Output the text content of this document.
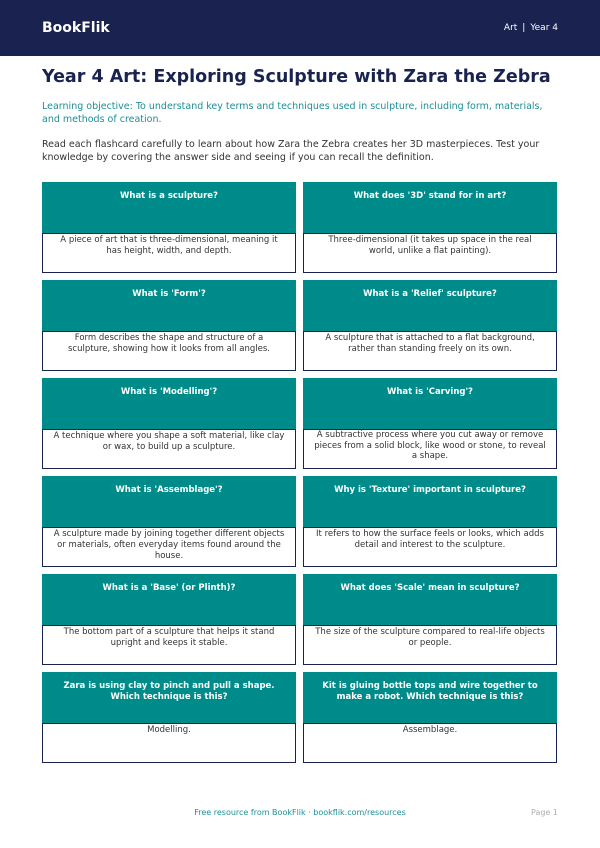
BookFlik	Art | Year 4
Year 4 Art: Exploring Sculpture with Zara the Zebra

Learning objective: To understand key terms and techniques used in sculpture, including form, materials, and methods of creation.

Read each flashcard carefully to learn about how Zara the Zebra creates her 3D masterpieces. Test your knowledge by covering the answer side and seeing if you can recall the definition.

What is a sculpture?
A piece of art that is three-dimensional, meaning it has height, width, and depth.
What does '3D' stand for in art?
Three-dimensional (it takes up space in the real world, unlike a flat painting).
What is 'Form'?
Form describes the shape and structure of a sculpture, showing how it looks from all angles.
What is a 'Relief' sculpture?
A sculpture that is attached to a flat background, rather than standing freely on its own.
What is 'Modelling'?
A technique where you shape a soft material, like clay or wax, to build up a sculpture.
What is 'Carving'?
A subtractive process where you cut away or remove pieces from a solid block, like wood or stone, to reveal a shape.
What is 'Assemblage'?
A sculpture made by joining together different objects or materials, often everyday items found around the house.
Why is 'Texture' important in sculpture?
It refers to how the surface feels or looks, which adds detail and interest to the sculpture.
What is a 'Base' (or Plinth)?
The bottom part of a sculpture that helps it stand upright and keeps it stable.
What does 'Scale' mean in sculpture?
The size of the sculpture compared to real-life objects or people.
Zara is using clay to pinch and pull a shape. Which technique is this?
Modelling.
Kit is gluing bottle tops and wire together to make a robot. Which technique is this?
Assemblage.
Free resource from BookFlik · bookflik.com/resources	Page 1
